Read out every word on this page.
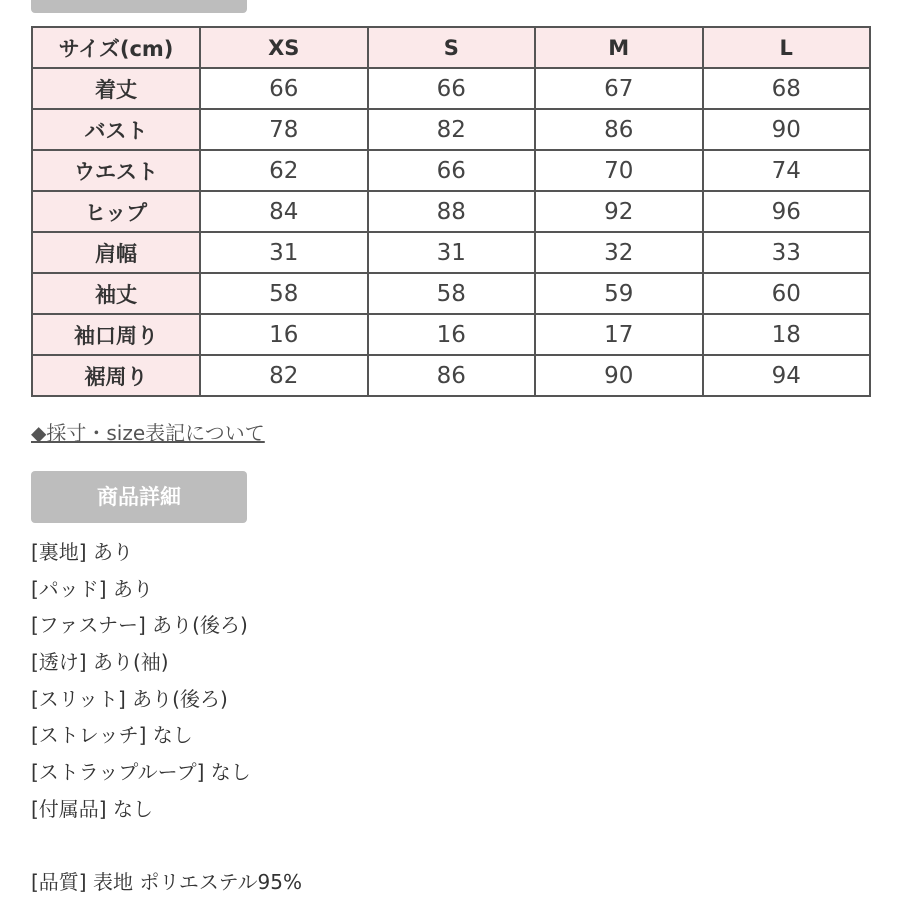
サイズ(cm)	XS	S	M	L
着丈	66	66	67	68
バスト	78	82	86	90
ウエスト	62	66	70	74
ヒップ	84	88	92	96
肩幅	31	31	32	33
袖丈	58	58	59	60
袖口周り	16	16	17	18
裾周り	82	86	90	94
◆採寸・size表記について
商品詳細
[裏地] あり
[パッド] あり
[ファスナー] あり(後ろ)
[透け] あり(袖)
[スリット] あり(後ろ)
[ストレッチ] なし
[ストラップループ] なし
[付属品] なし
[品質] 表地 ポリエステル95%
